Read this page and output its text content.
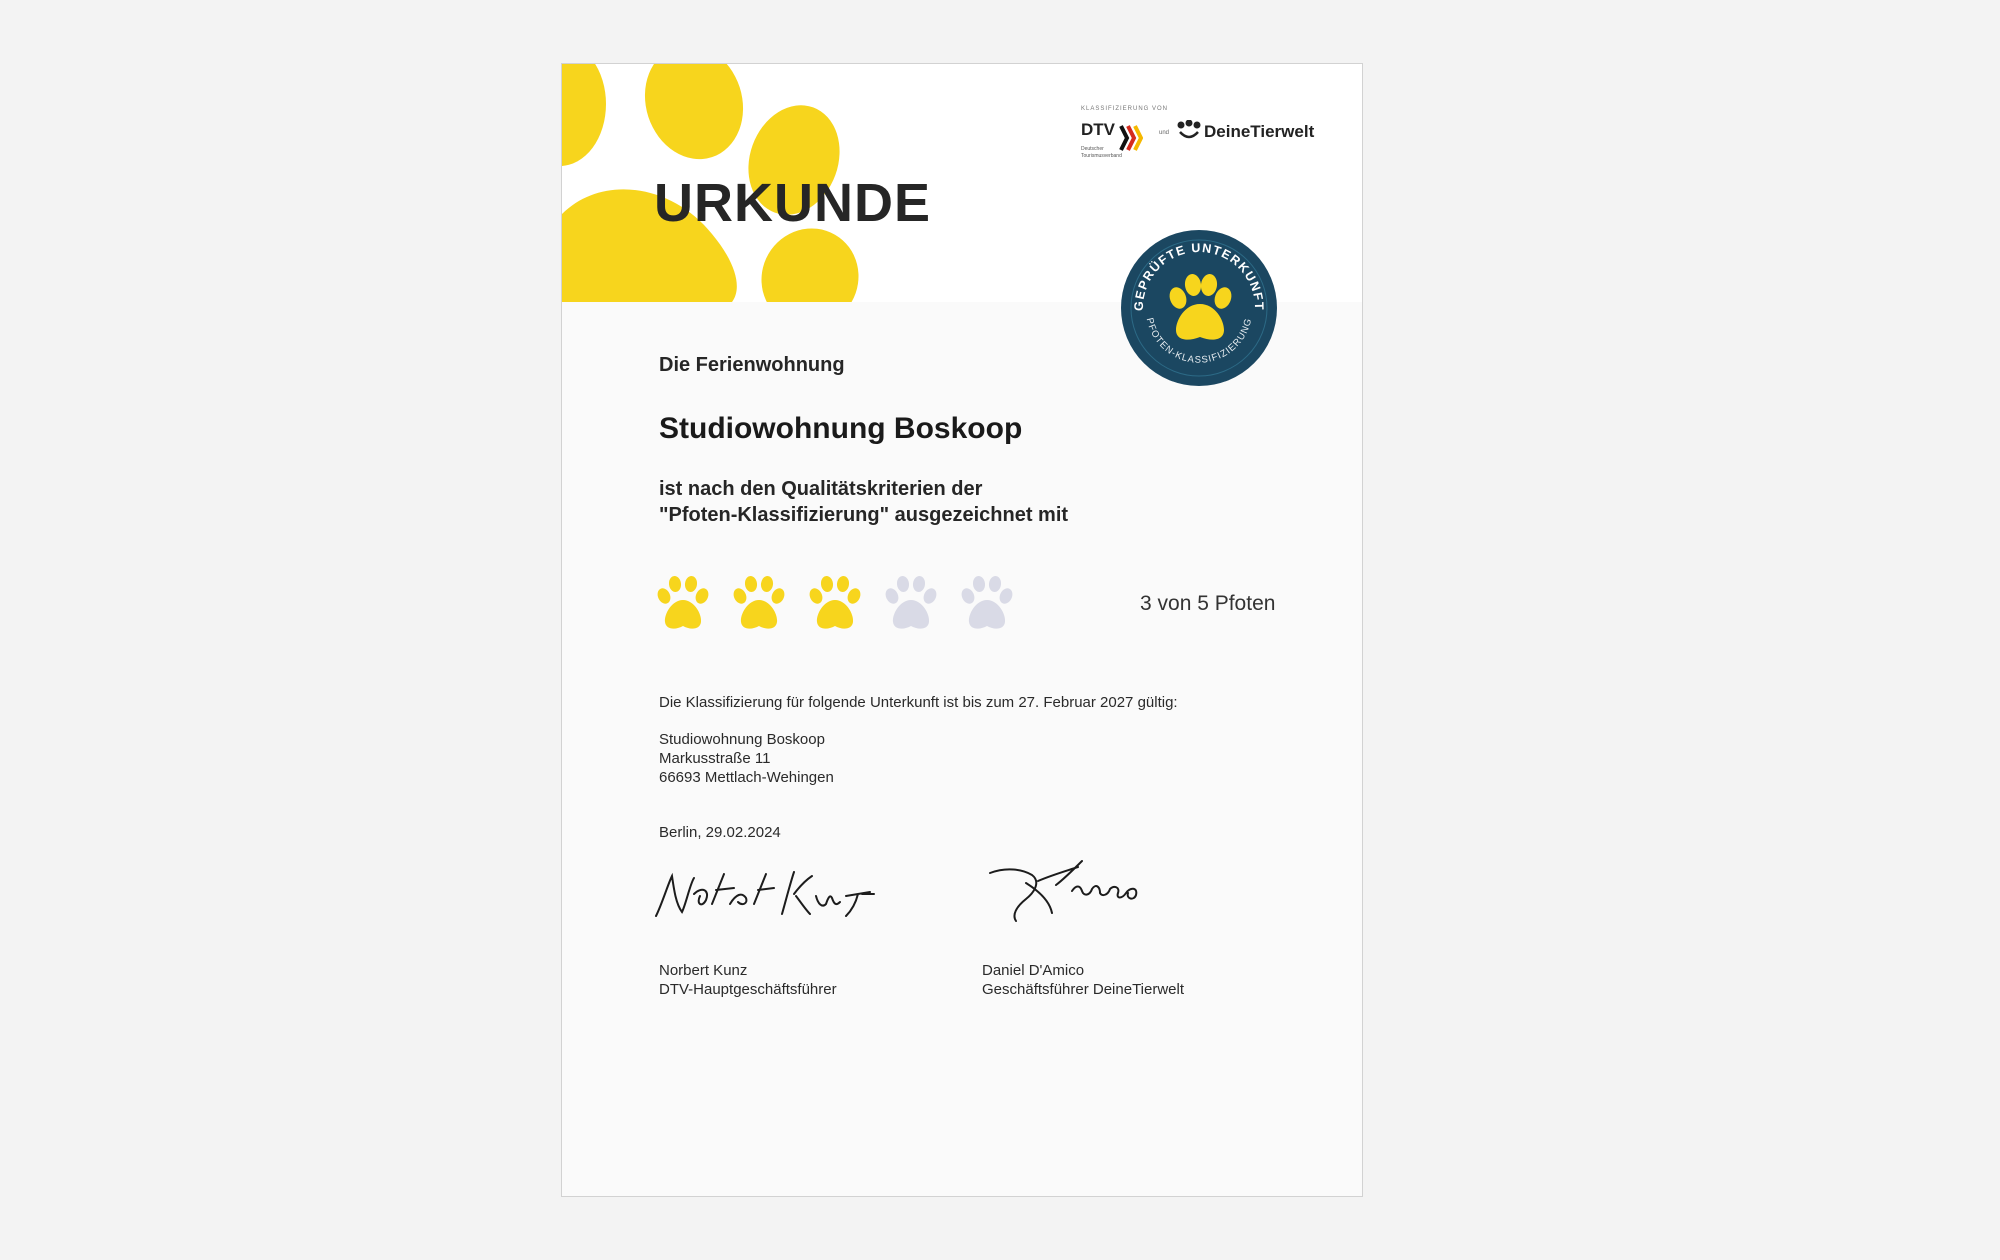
URKUNDE
KLASSIFIZIERUNG VON
DTV
Deutscher Tourismusverband
und DeineTierwelt
GEPRÜFTE UNTERKUNFT
PFOTEN-KLASSIFIZIERUNG

Die Ferienwohnung

Studiowohnung Boskoop

ist nach den Qualitätskriterien der
"Pfoten-Klassifizierung" ausgezeichnet mit
3 von 5 Pfoten
Die Klassifizierung für folgende Unterkunft ist bis zum 27. Februar 2027 gültig:
Studiowohnung Boskoop
Markusstraße 11
66693 Mettlach-Wehingen
Berlin, 29.02.2024
Norbert Kunz
DTV-Hauptgeschäftsführer
Daniel D'Amico
Geschäftsführer DeineTierwelt
